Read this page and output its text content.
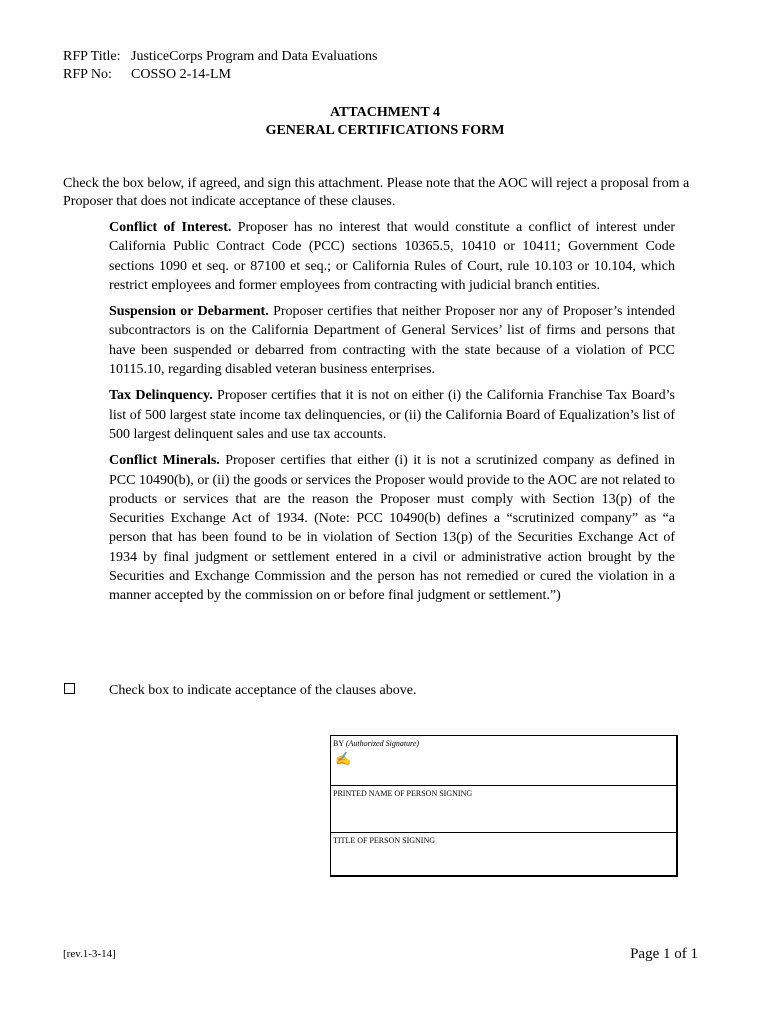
RFP Title: JusticeCorps Program and Data Evaluations
RFP No: COSSO 2-14-LM
ATTACHMENT 4
GENERAL CERTIFICATIONS FORM
Check the box below, if agreed, and sign this attachment. Please note that the AOC will reject a proposal from a Proposer that does not indicate acceptance of these clauses.

Conflict of Interest. Proposer has no interest that would constitute a conflict of interest under California Public Contract Code (PCC) sections 10365.5, 10410 or 10411; Government Code sections 1090 et seq. or 87100 et seq.; or California Rules of Court, rule 10.103 or 10.104, which restrict employees and former employees from contracting with judicial branch entities.

Suspension or Debarment. Proposer certifies that neither Proposer nor any of Proposer’s intended subcontractors is on the California Department of General Services’ list of firms and persons that have been suspended or debarred from contracting with the state because of a violation of PCC 10115.10, regarding disabled veteran business enterprises.

Tax Delinquency. Proposer certifies that it is not on either (i) the California Franchise Tax Board’s list of 500 largest state income tax delinquencies, or (ii) the California Board of Equalization’s list of 500 largest delinquent sales and use tax accounts.

Conflict Minerals. Proposer certifies that either (i) it is not a scrutinized company as defined in PCC 10490(b), or (ii) the goods or services the Proposer would provide to the AOC are not related to products or services that are the reason the Proposer must comply with Section 13(p) of the Securities Exchange Act of 1934. (Note: PCC 10490(b) defines a “scrutinized company” as “a person that has been found to be in violation of Section 13(p) of the Securities Exchange Act of 1934 by final judgment or settlement entered in a civil or administrative action brought by the Securities and Exchange Commission and the person has not remedied or cured the violation in a manner accepted by the commission on or before final judgment or settlement.”)

Check box to indicate acceptance of the clauses above.
BY (Authorized Signature)
✍
PRINTED NAME OF PERSON SIGNING
TITLE OF PERSON SIGNING
[rev.1-3-14]	Page 1 of 1
